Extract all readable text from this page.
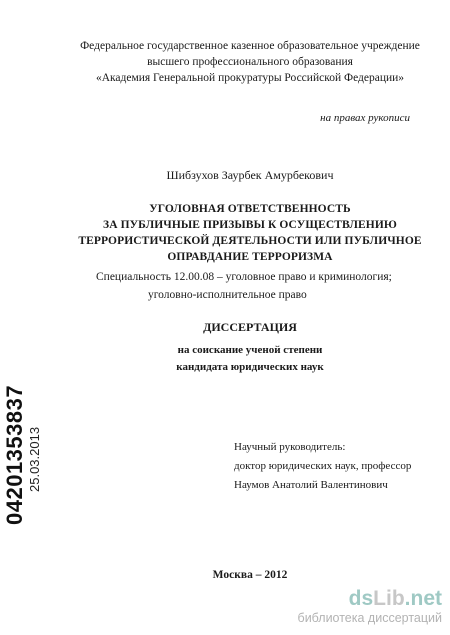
Федеральное государственное казенное образовательное учреждение
высшего профессионального образования
«Академия Генеральной прокуратуры Российской Федерации»
на правах рукописи
Шибзухов Заурбек Амурбекович
УГОЛОВНАЯ ОТВЕТСТВЕННОСТЬ
ЗА ПУБЛИЧНЫЕ ПРИЗЫВЫ К ОСУЩЕСТВЛЕНИЮ
ТЕРРОРИСТИЧЕСКОЙ ДЕЯТЕЛЬНОСТИ ИЛИ ПУБЛИЧНОЕ
ОПРАВДАНИЕ ТЕРРОРИЗМА
Специальность 12.00.08 – уголовное право и криминология;
уголовно-исполнительное право
ДИССЕРТАЦИЯ
на соискание ученой степени
кандидата юридических наук
Научный руководитель:
доктор юридических наук, профессор
Наумов Анатолий Валентинович
Москва – 2012
04201353837 25.03.2013
dsLib.net
библиотека диссертаций
